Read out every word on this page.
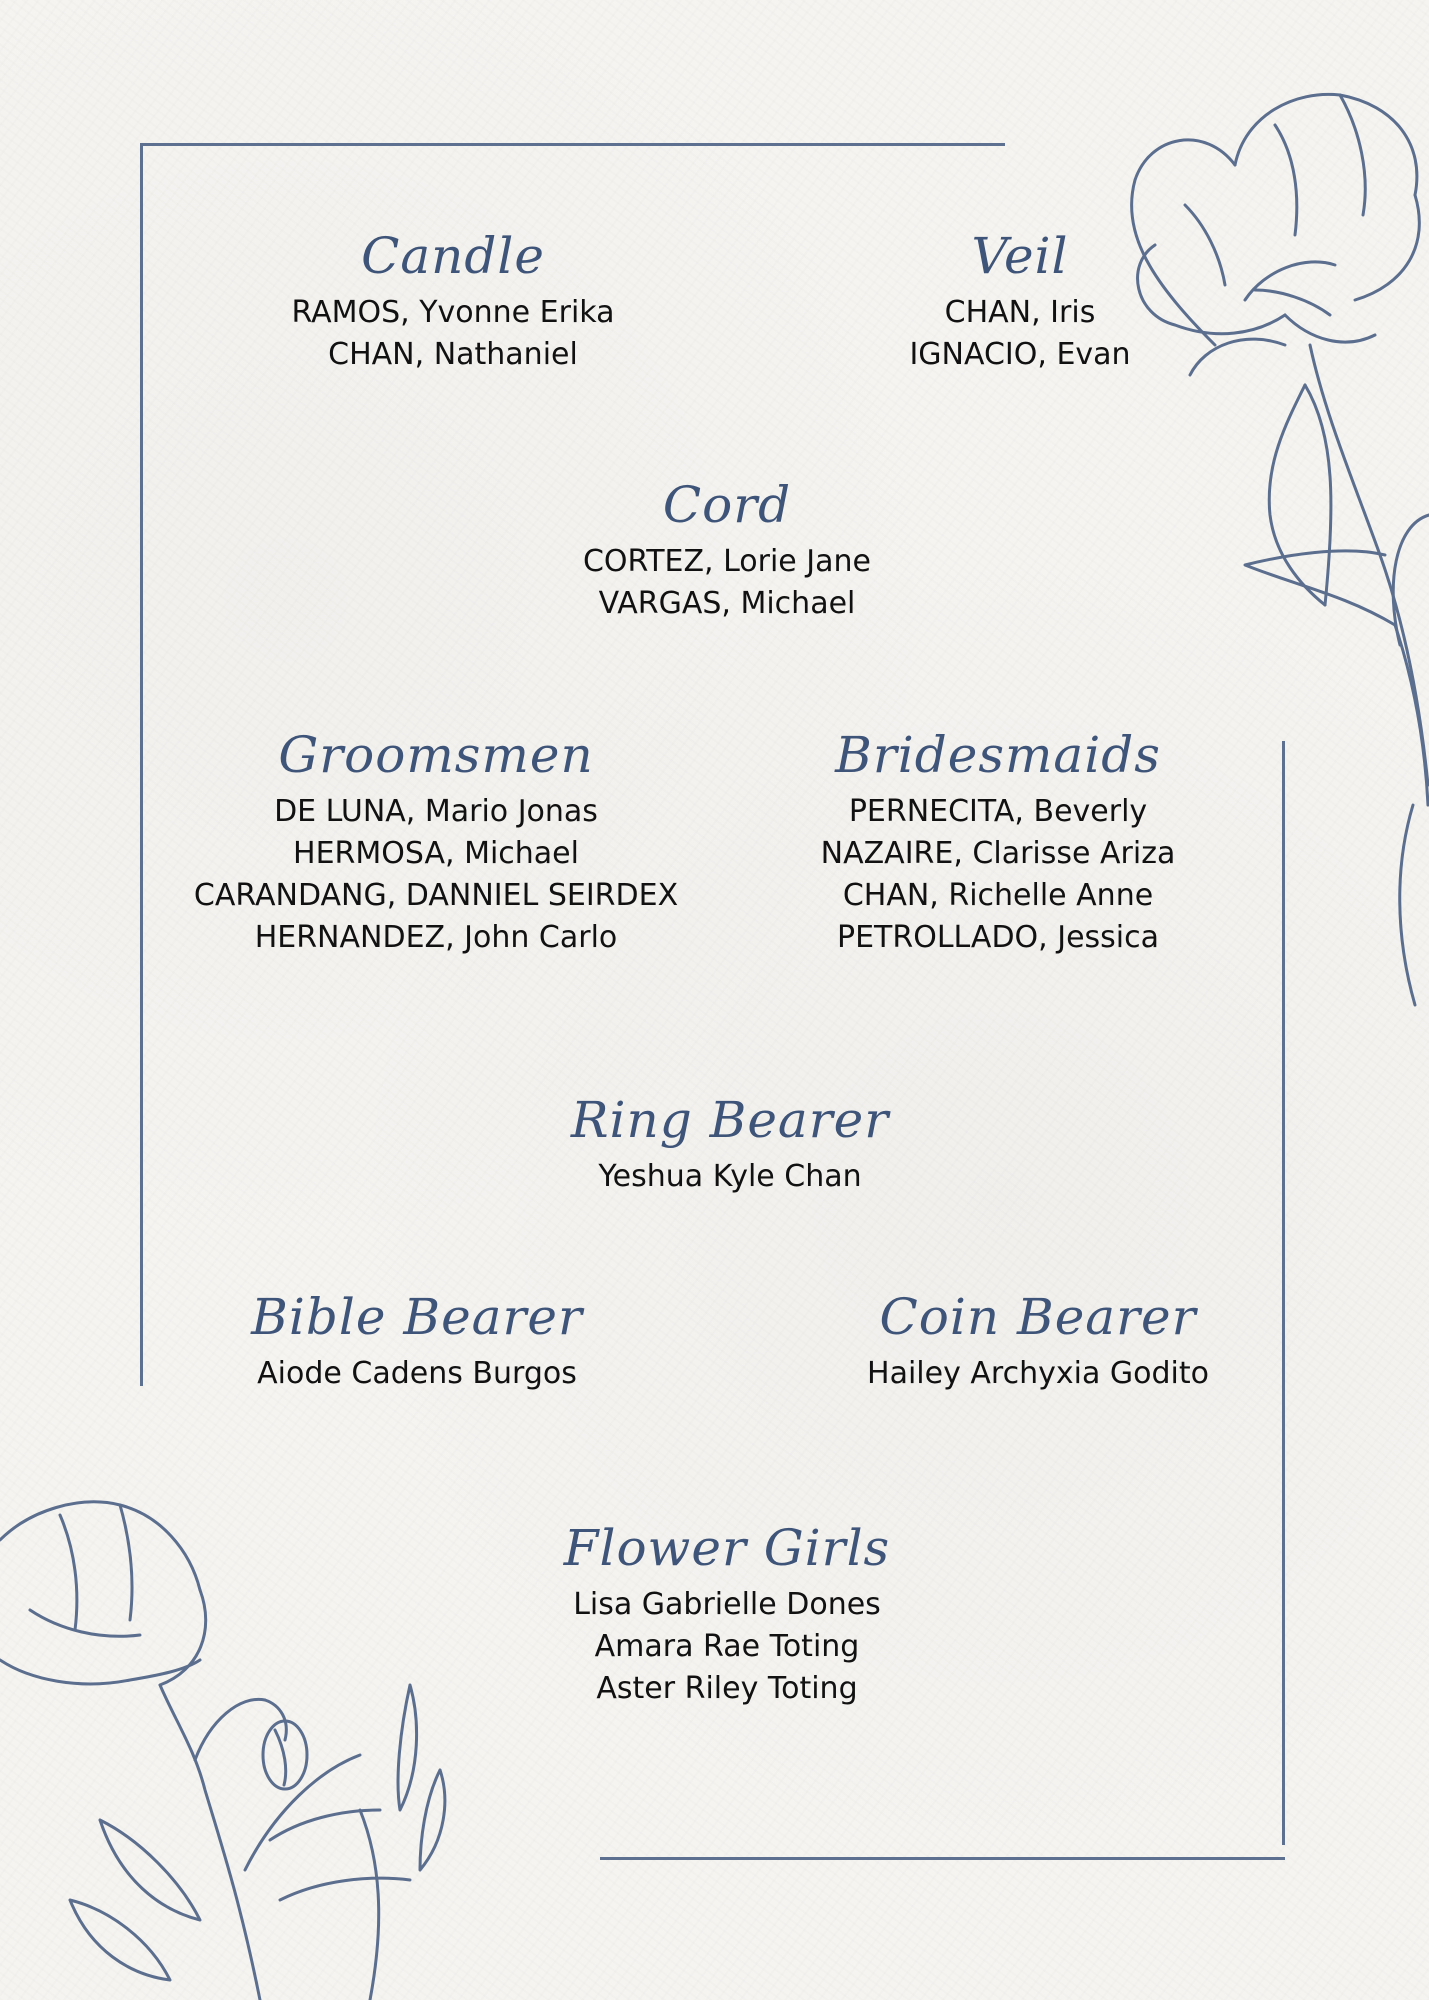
Candle
RAMOS, Yvonne Erika
CHAN, Nathaniel
Veil
CHAN, Iris
IGNACIO, Evan
Cord
CORTEZ, Lorie Jane
VARGAS, Michael
Groomsmen
DE LUNA, Mario Jonas
HERMOSA, Michael
CARANDANG, DANNIEL SEIRDEX
HERNANDEZ, John Carlo
Bridesmaids
PERNECITA, Beverly
NAZAIRE, Clarisse Ariza
CHAN, Richelle Anne
PETROLLADO, Jessica
Ring Bearer
Yeshua Kyle Chan
Bible Bearer
Aiode Cadens Burgos
Coin Bearer
Hailey Archyxia Godito
Flower Girls
Lisa Gabrielle Dones
Amara Rae Toting
Aster Riley Toting
